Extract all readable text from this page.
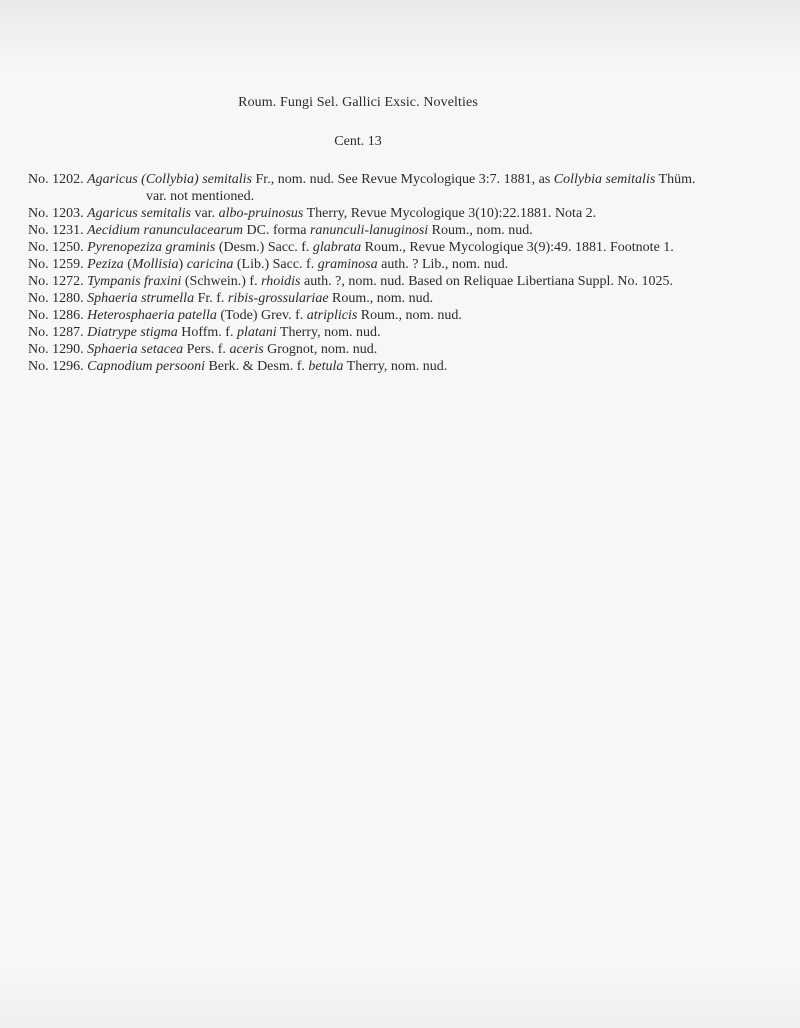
Roum. Fungi Sel. Gallici Exsic. Novelties
Cent. 13
No. 1202. Agaricus (Collybia) semitalis Fr., nom. nud. See Revue Mycologique 3:7. 1881, as Collybia semitalis Thüm. var. not mentioned.
No. 1203. Agaricus semitalis var. albo-pruinosus Therry, Revue Mycologique 3(10):22.1881. Nota 2.
No. 1231. Aecidium ranunculacearum DC. forma ranunculi-lanuginosi Roum., nom. nud.
No. 1250. Pyrenopeziza graminis (Desm.) Sacc. f. glabrata Roum., Revue Mycologique 3(9):49. 1881. Footnote 1.
No. 1259. Peziza (Mollisia) caricina (Lib.) Sacc. f. graminosa auth. ? Lib., nom. nud.
No. 1272. Tympanis fraxini (Schwein.) f. rhoidis auth. ?, nom. nud. Based on Reliquae Libertiana Suppl. No. 1025.
No. 1280. Sphaeria strumella Fr. f. ribis-grossulariae Roum., nom. nud.
No. 1286. Heterosphaeria patella (Tode) Grev. f. atriplicis Roum., nom. nud.
No. 1287. Diatrype stigma Hoffm. f. platani Therry, nom. nud.
No. 1290. Sphaeria setacea Pers. f. aceris Grognot, nom. nud.
No. 1296. Capnodium persooni Berk. & Desm. f. betula Therry, nom. nud.
